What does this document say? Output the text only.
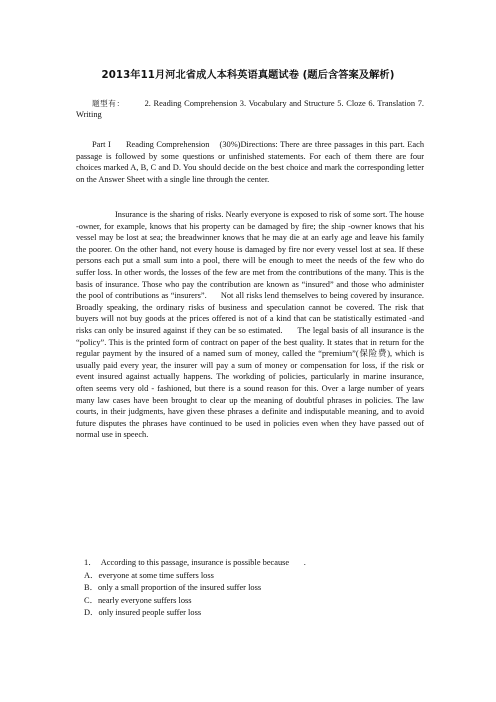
2013年11月河北省成人本科英语真题试卷 (题后含答案及解析)
题型有： 2. Reading Comprehension 3. Vocabulary and Structure 5. Cloze 6. Translation 7. Writing
Part I      Reading Comprehension (30%)Directions: There are three passages in this part. Each passage is followed by some questions or unfinished statements. For each of them there are four choices marked A, B, C and D. You should decide on the best choice and mark the corresponding letter on the Answer Sheet with a single line through the center.
Insurance is the sharing of risks. Nearly everyone is exposed to risk of some sort. The house -owner, for example, knows that his property can be damaged by fire; the ship -owner knows that his vessel may be lost at sea; the breadwinner knows that he may die at an early age and leave his family the poorer. On the other hand, not every house is damaged by fire nor every vessel lost at sea. If these persons each put a small sum into a pool, there will be enough to meet the needs of the few who do suffer loss. In other words, the losses of the few are met from the contributions of the many. This is the basis of insurance. Those who pay the contribution are known as “insured” and those who administer the pool of contributions as “insurers”.      Not all risks lend themselves to being covered by insurance. Broadly speaking, the ordinary risks of business and speculation cannot be covered. The risk that buyers will not buy goods at the prices offered is not of a kind that can be statistically estimated -and risks can only be insured against if they can be so estimated.      The legal basis of all insurance is the “policy”. This is the printed form of contract on paper of the best quality. It states that in return for the regular payment by the insured of a named sum of money, called the “premium”(保险费), which is usually paid every year, the insurer will pay a sum of money or compensation for loss, if the risk or event insured against actually happens. The workding of policies, particularly in marine insurance, often seems very old - fashioned, but there is a sound reason for this. Over a large number of years many law cases have been brought to clear up the meaning of doubtful phrases in policies. The law courts, in their judgments, have given these phrases a definite and indisputable meaning, and to avoid future disputes the phrases have continued to be used in policies even when they have passed out of normal use in speech.
1． According to this passage, insurance is possible because       .
A．everyone at some time suffers loss
B．only a small proportion of the insured suffer loss
C．nearly everyone suffers loss
D．only insured people suffer loss
